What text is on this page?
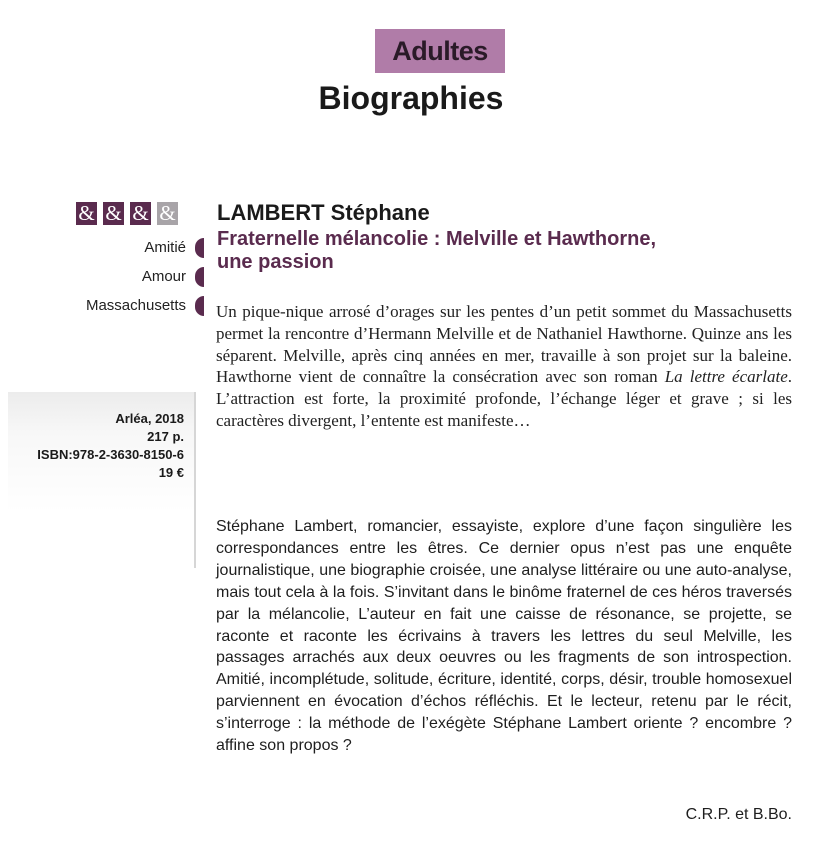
Adultes
Biographies
& & & &
Amitié
Amour
Massachusetts
Arléa, 2018
217 p.
ISBN:978-2-3630-8150-6
19 €
LAMBERT Stéphane
Fraternelle mélancolie : Melville et Hawthorne,
une passion
Un pique-nique arrosé d’orages sur les pentes d’un petit sommet du Massachusetts permet la rencontre d’Hermann Melville et de Nathaniel Hawthorne. Quinze ans les séparent. Melville, après cinq années en mer, travaille à son projet sur la baleine. Hawthorne vient de connaître la consécration avec son roman La lettre écarlate. L’attraction est forte, la proximité profonde, l’échange léger et grave ; si les caractères divergent, l’entente est manifeste…
Stéphane Lambert, romancier, essayiste, explore d’une façon singulière les correspondances entre les êtres. Ce dernier opus n’est pas une enquête journalistique, une biographie croisée, une analyse littéraire ou une auto-analyse, mais tout cela à la fois. S’invitant dans le binôme fraternel de ces héros traversés par la mélancolie, L’auteur en fait une caisse de résonance, se projette, se raconte et raconte les écrivains à travers les lettres du seul Melville, les passages arrachés aux deux oeuvres ou les fragments de son introspection. Amitié, incomplétude, solitude, écriture, identité, corps, désir, trouble homosexuel parviennent en évocation d’échos réfléchis. Et le lecteur, retenu par le récit, s’interroge : la méthode de l’exégète Stéphane Lambert oriente ? encombre ? affine son propos ?
C.R.P. et B.Bo.
